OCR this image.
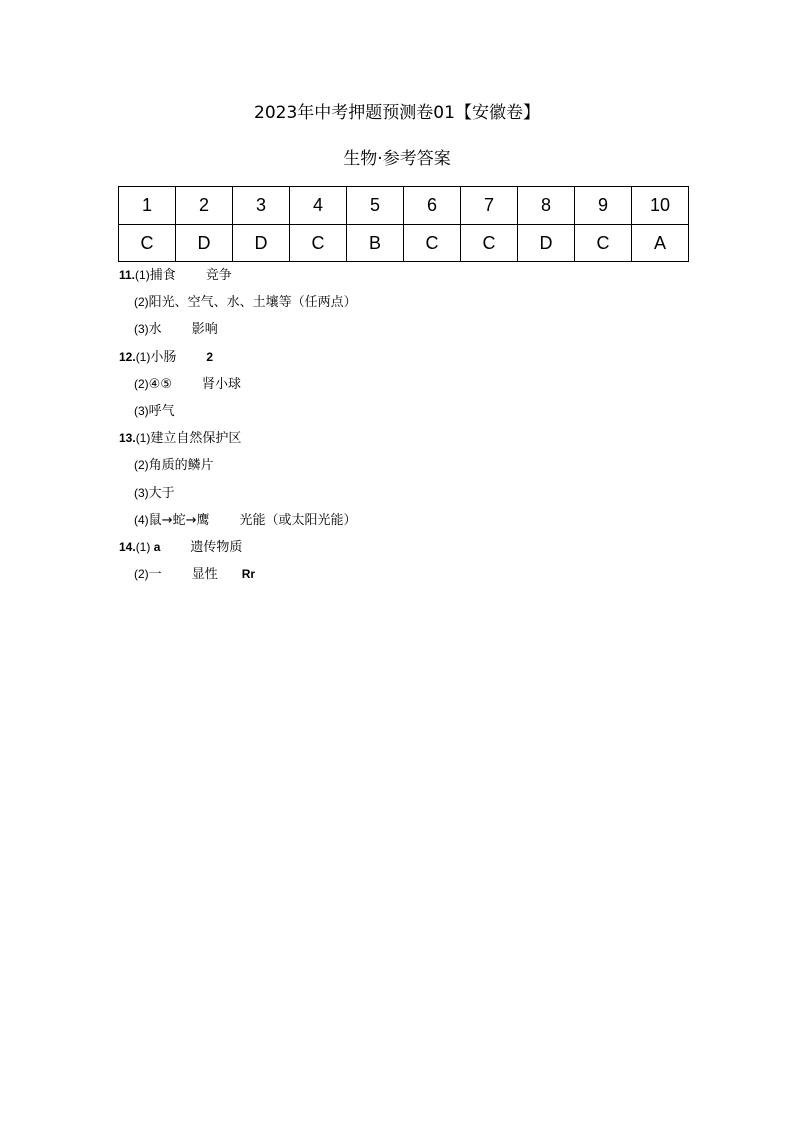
2023年中考押题预测卷01【安徽卷】
生物·参考答案
1	2	3	4	5	6	7	8	9	10
C	D	D	C	B	C	C	D	C	A
11.(1)捕食 竞争
(2)阳光、空气、水、土壤等（任两点）
(3)水 影响
12.(1)小肠	2
(2)④⑤ 肾小球
(3)呼气
13.(1)建立自然保护区
(2)角质的鳞片
(3)大于
(4)鼠→蛇→鹰 光能（或太阳光能）
14.(1) a 遗传物质
(2)一 显性 Rr
